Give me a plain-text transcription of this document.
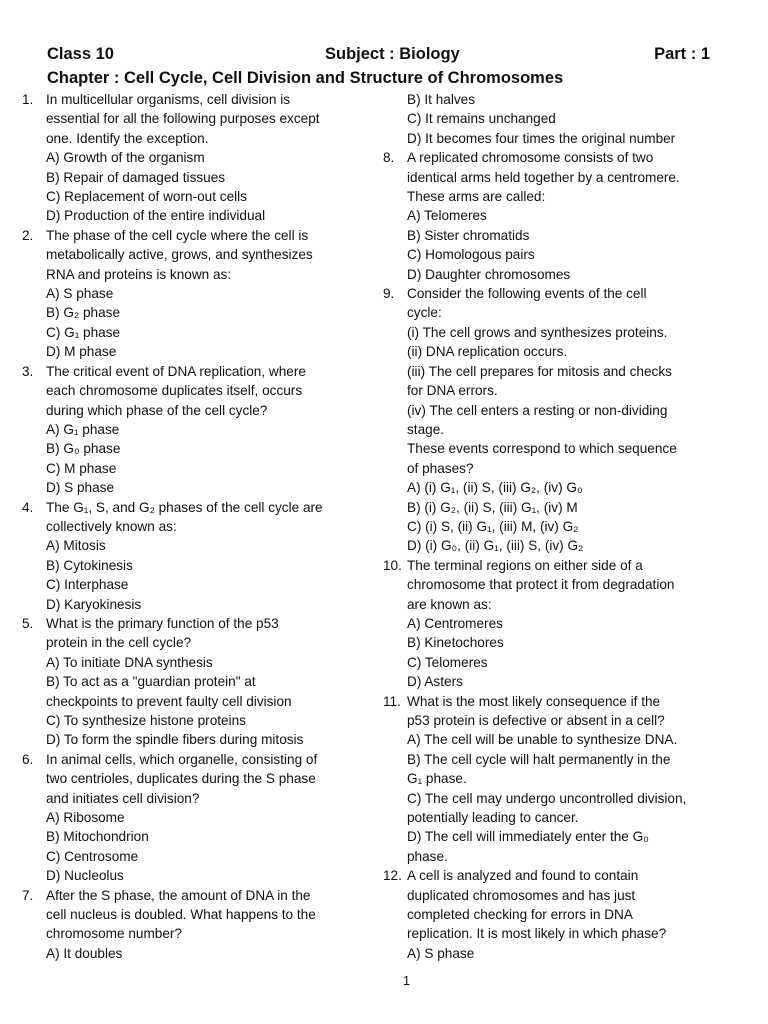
Class 10	Subject : Biology	Part : 1
Chapter : Cell Cycle, Cell Division and Structure of Chromosomes
1. In multicellular organisms, cell division is
essential for all the following purposes except
one. Identify the exception.
A) Growth of the organism
B) Repair of damaged tissues
C) Replacement of worn-out cells
D) Production of the entire individual
2. The phase of the cell cycle where the cell is
metabolically active, grows, and synthesizes
RNA and proteins is known as:
A) S phase
B) G₂ phase
C) G₁ phase
D) M phase
3. The critical event of DNA replication, where
each chromosome duplicates itself, occurs
during which phase of the cell cycle?
A) G₁ phase
B) G₀ phase
C) M phase
D) S phase
4. The G₁, S, and G₂ phases of the cell cycle are
collectively known as:
A) Mitosis
B) Cytokinesis
C) Interphase
D) Karyokinesis
5. What is the primary function of the p53
protein in the cell cycle?
A) To initiate DNA synthesis
B) To act as a "guardian protein" at
checkpoints to prevent faulty cell division
C) To synthesize histone proteins
D) To form the spindle fibers during mitosis
6. In animal cells, which organelle, consisting of
two centrioles, duplicates during the S phase
and initiates cell division?
A) Ribosome
B) Mitochondrion
C) Centrosome
D) Nucleolus
7. After the S phase, the amount of DNA in the
cell nucleus is doubled. What happens to the
chromosome number?
A) It doubles
B) It halves
C) It remains unchanged
D) It becomes four times the original number
8. A replicated chromosome consists of two
identical arms held together by a centromere.
These arms are called:
A) Telomeres
B) Sister chromatids
C) Homologous pairs
D) Daughter chromosomes
9. Consider the following events of the cell
cycle:
(i) The cell grows and synthesizes proteins.
(ii) DNA replication occurs.
(iii) The cell prepares for mitosis and checks
for DNA errors.
(iv) The cell enters a resting or non-dividing
stage.
These events correspond to which sequence
of phases?
A) (i) G₁, (ii) S, (iii) G₂, (iv) G₀
B) (i) G₂, (ii) S, (iii) G₁, (iv) M
C) (i) S, (ii) G₁, (iii) M, (iv) G₂
D) (i) G₀, (ii) G₁, (iii) S, (iv) G₂
10. The terminal regions on either side of a
chromosome that protect it from degradation
are known as:
A) Centromeres
B) Kinetochores
C) Telomeres
D) Asters
11. What is the most likely consequence if the
p53 protein is defective or absent in a cell?
A) The cell will be unable to synthesize DNA.
B) The cell cycle will halt permanently in the
G₁ phase.
C) The cell may undergo uncontrolled division,
potentially leading to cancer.
D) The cell will immediately enter the G₀
phase.
12. A cell is analyzed and found to contain
duplicated chromosomes and has just
completed checking for errors in DNA
replication. It is most likely in which phase?
A) S phase
1
